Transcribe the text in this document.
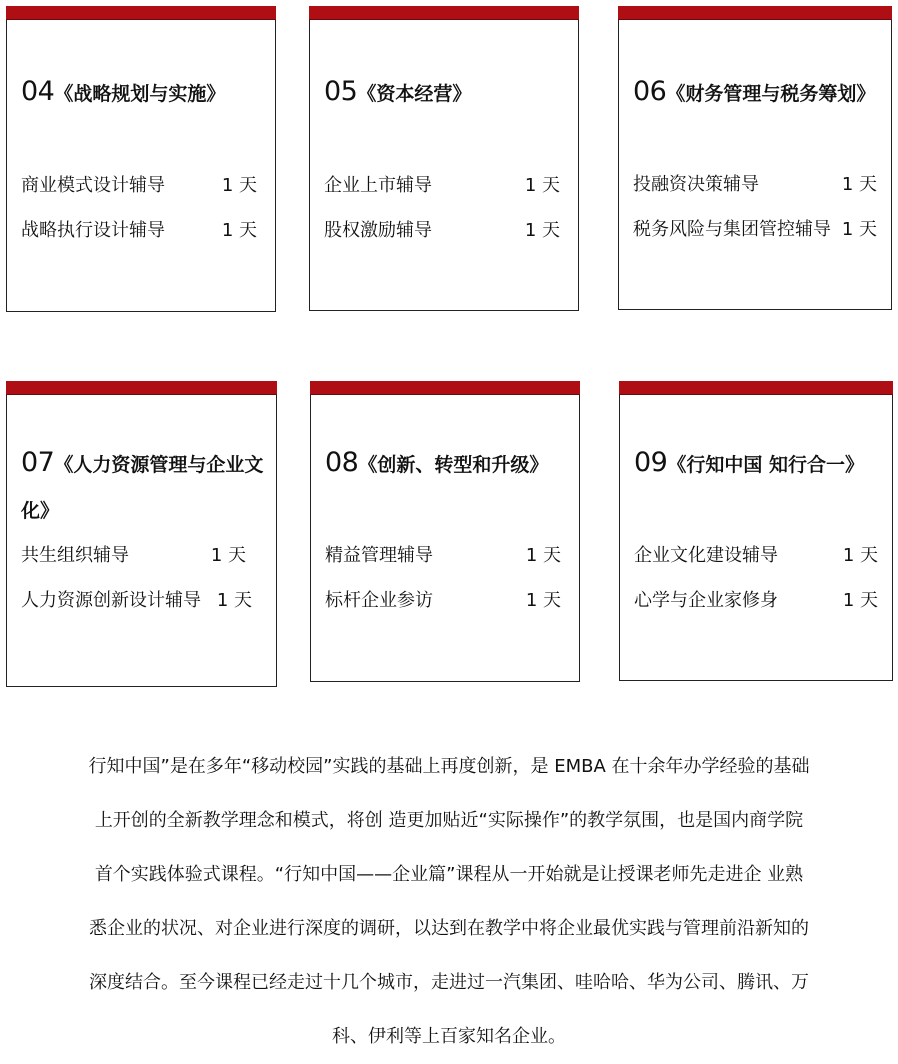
04《战略规划与实施》
商业模式设计辅导	1 天
战略执行设计辅导	1 天
05《资本经营》
企业上市辅导	1 天
股权激励辅导	1 天
06《财务管理与税务筹划》
投融资决策辅导	1 天
税务风险与集团管控辅导 1 天
07《人力资源管理与企业文化》
共生组织辅导	1 天
人力资源创新设计辅导 1 天
08《创新、转型和升级》
精益管理辅导	1 天
标杆企业参访	1 天
09《行知中国 知行合一》
企业文化建设辅导	1 天
心学与企业家修身	1 天
行知中国”是在多年“移动校园”实践的基础上再度创新，是 EMBA 在十余年办学经验的基础
上开创的全新教学理念和模式，将创 造更加贴近“实际操作”的教学氛围，也是国内商学院
首个实践体验式课程。“行知中国——企业篇”课程从一开始就是让授课老师先走进企 业熟
悉企业的状况、对企业进行深度的调研，以达到在教学中将企业最优实践与管理前沿新知的
深度结合。至今课程已经走过十几个城市，走进过一汽集团、哇哈哈、华为公司、腾讯、万
科、伊利等上百家知名企业。
